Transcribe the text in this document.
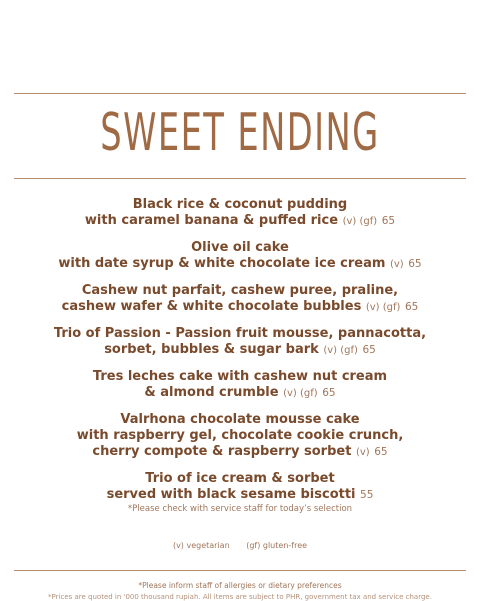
SWEET ENDING
Black rice & coconut pudding
with caramel banana & puffed rice (v) (gf) 65
Olive oil cake
with date syrup & white chocolate ice cream (v) 65
Cashew nut parfait, cashew puree, praline,
cashew wafer & white chocolate bubbles (v) (gf) 65
Trio of Passion - Passion fruit mousse, pannacotta,
sorbet, bubbles & sugar bark (v) (gf) 65
Tres leches cake with cashew nut cream
& almond crumble (v) (gf) 65
Valrhona chocolate mousse cake
with raspberry gel, chocolate cookie crunch,
cherry compote & raspberry sorbet (v) 65
Trio of ice cream & sorbet
served with black sesame biscotti 55
*Please check with service staff for today’s selection
(v) vegetarian (gf) gluten-free
*Please inform staff of allergies or dietary preferences
*Prices are quoted in '000 thousand rupiah. All items are subject to PHR, government tax and service charge.
